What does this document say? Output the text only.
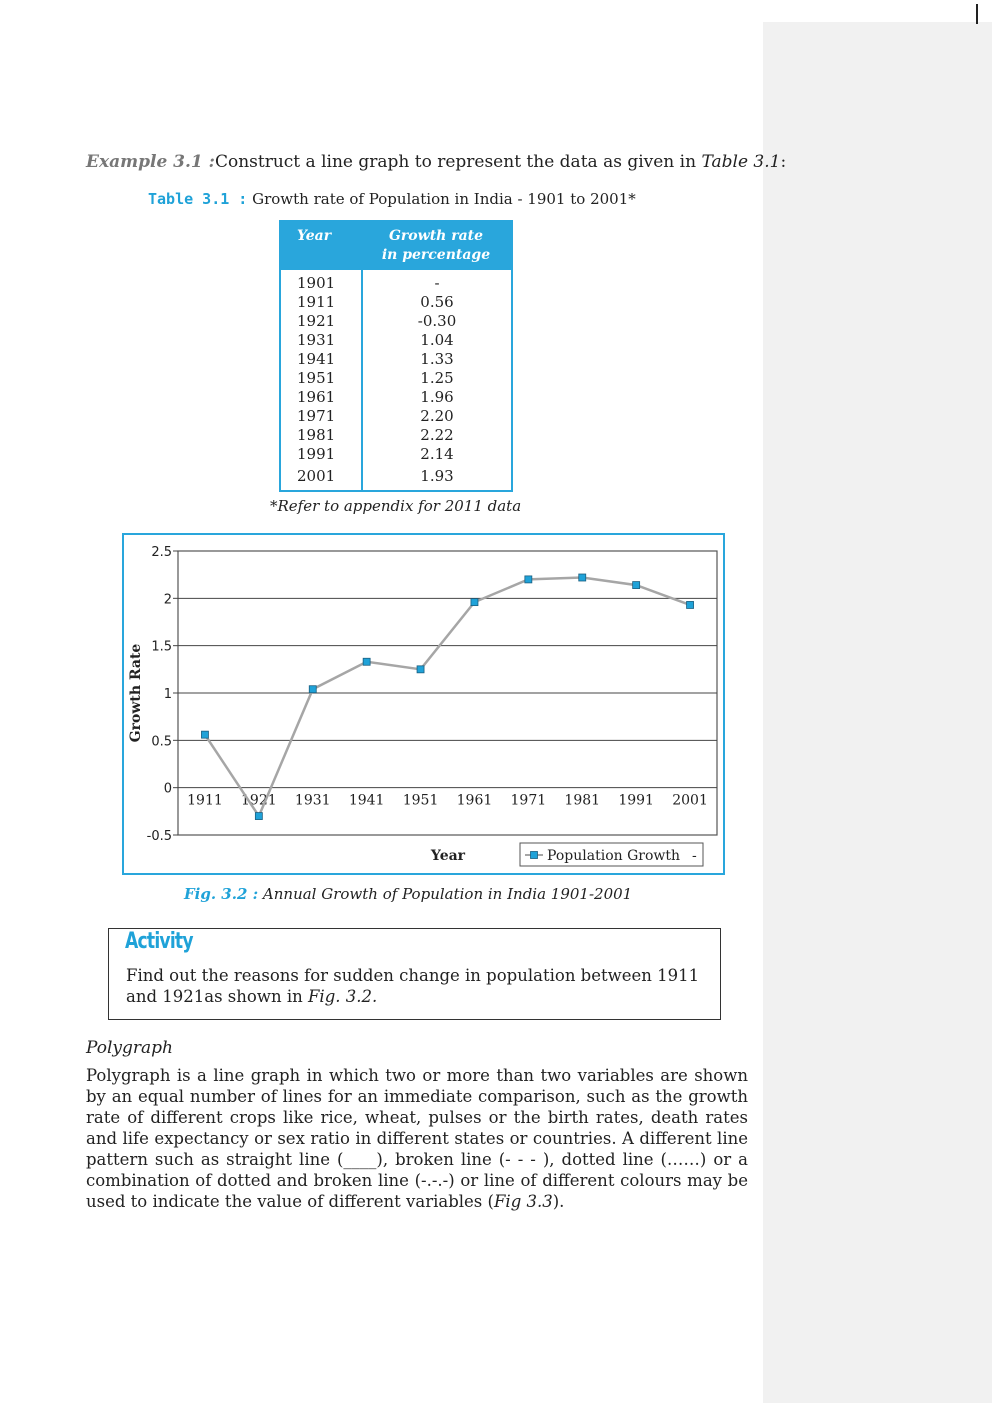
Example 3.1 :Construct a line graph to represent the data as given in Table 3.1:
Table 3.1 : Growth rate of Population in India - 1901 to 2001*
Year	Growth rate
in percentage
1901
1911
1921
1931
1941
1951
1961
1971
1981
1991
2001
-
0.56
-0.30
1.04
1.33
1.25
1.96
2.20
2.22
2.14
1.93
*Refer to appendix for 2011 data
2.5
2
1.5
1
0.5
0
-0.5
1911 1921 1931 1941 1951 1961 1971 1981 1991 2001
Growth Rate
Year	Population Growth -
Fig. 3.2 : Annual Growth of Population in India 1901-2001
Activity
Find out the reasons for sudden change in population between 1911 and 1921as shown in Fig. 3.2.
Polygraph

Polygraph is a line graph in which two or more than two variables are shown by an equal number of lines for an immediate comparison, such as the growth rate of different crops like rice, wheat, pulses or the birth rates, death rates and life expectancy or sex ratio in different states or countries. A different line pattern such as straight line (____), broken line (- - - ), dotted line (……) or a combination of dotted and broken line (-.-.-) or line of different colours may be used to indicate the value of different variables (Fig 3.3).
